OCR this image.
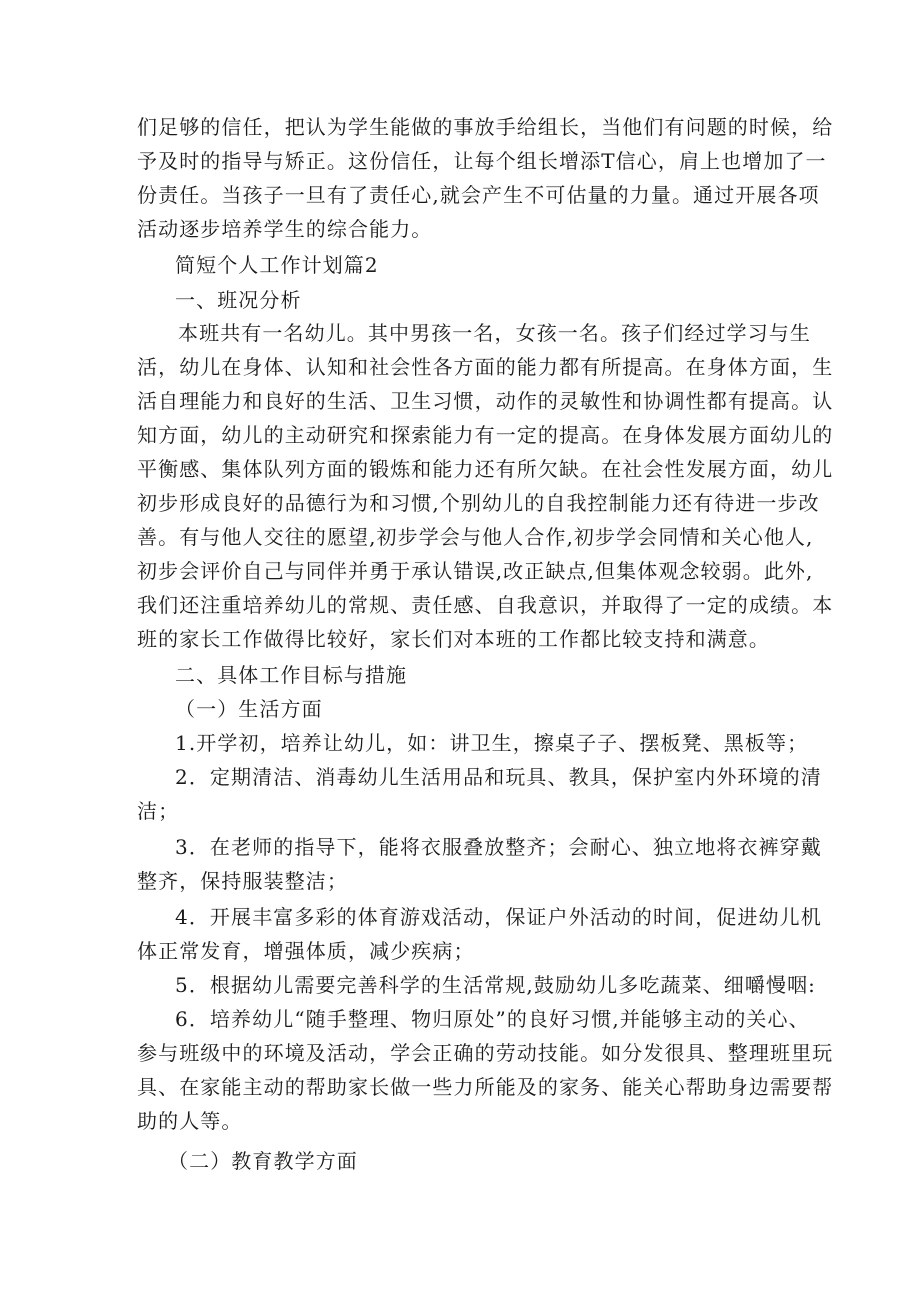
们足够的信任，把认为学生能做的事放手给组长，当他们有问题的时候，给
予及时的指导与矫正。这份信任，让每个组长增添T信心，肩上也增加了一
份责任。当孩子一旦有了责任心,就会产生不可估量的力量。通过开展各项
活动逐步培养学生的综合能力。
简短个人工作计划篇2
一、班况分析
本班共有一名幼儿。其中男孩一名，女孩一名。孩子们经过学习与生
活，幼儿在身体、认知和社会性各方面的能力都有所提高。在身体方面，生
活自理能力和良好的生活、卫生习惯，动作的灵敏性和协调性都有提高。认
知方面，幼儿的主动研究和探索能力有一定的提高。在身体发展方面幼儿的
平衡感、集体队列方面的锻炼和能力还有所欠缺。在社会性发展方面，幼儿
初步形成良好的品德行为和习惯,个别幼儿的自我控制能力还有待进一步改
善。有与他人交往的愿望,初步学会与他人合作,初步学会同情和关心他人,
初步会评价自己与同伴并勇于承认错误,改正缺点,但集体观念较弱。此外,
我们还注重培养幼儿的常规、责任感、自我意识，并取得了一定的成绩。本
班的家长工作做得比较好，家长们对本班的工作都比较支持和满意。
二、具体工作目标与措施
（一）生活方面
1.开学初，培养让幼儿，如：讲卫生，擦桌子子、摆板凳、黑板等；
2．定期清洁、消毒幼儿生活用品和玩具、教具，保护室内外环境的清
洁；
3．在老师的指导下，能将衣服叠放整齐；会耐心、独立地将衣裤穿戴
整齐，保持服装整洁；
4．开展丰富多彩的体育游戏活动，保证户外活动的时间，促进幼儿机
体正常发育，增强体质，减少疾病；
5．根据幼儿需要完善科学的生活常规,鼓励幼儿多吃蔬菜、细嚼慢咽:
6．培养幼儿“随手整理、物归原处”的良好习惯,并能够主动的关心、
参与班级中的环境及活动，学会正确的劳动技能。如分发很具、整理班里玩
具、在家能主动的帮助家长做一些力所能及的家务、能关心帮助身边需要帮
助的人等。
（二）教育教学方面
